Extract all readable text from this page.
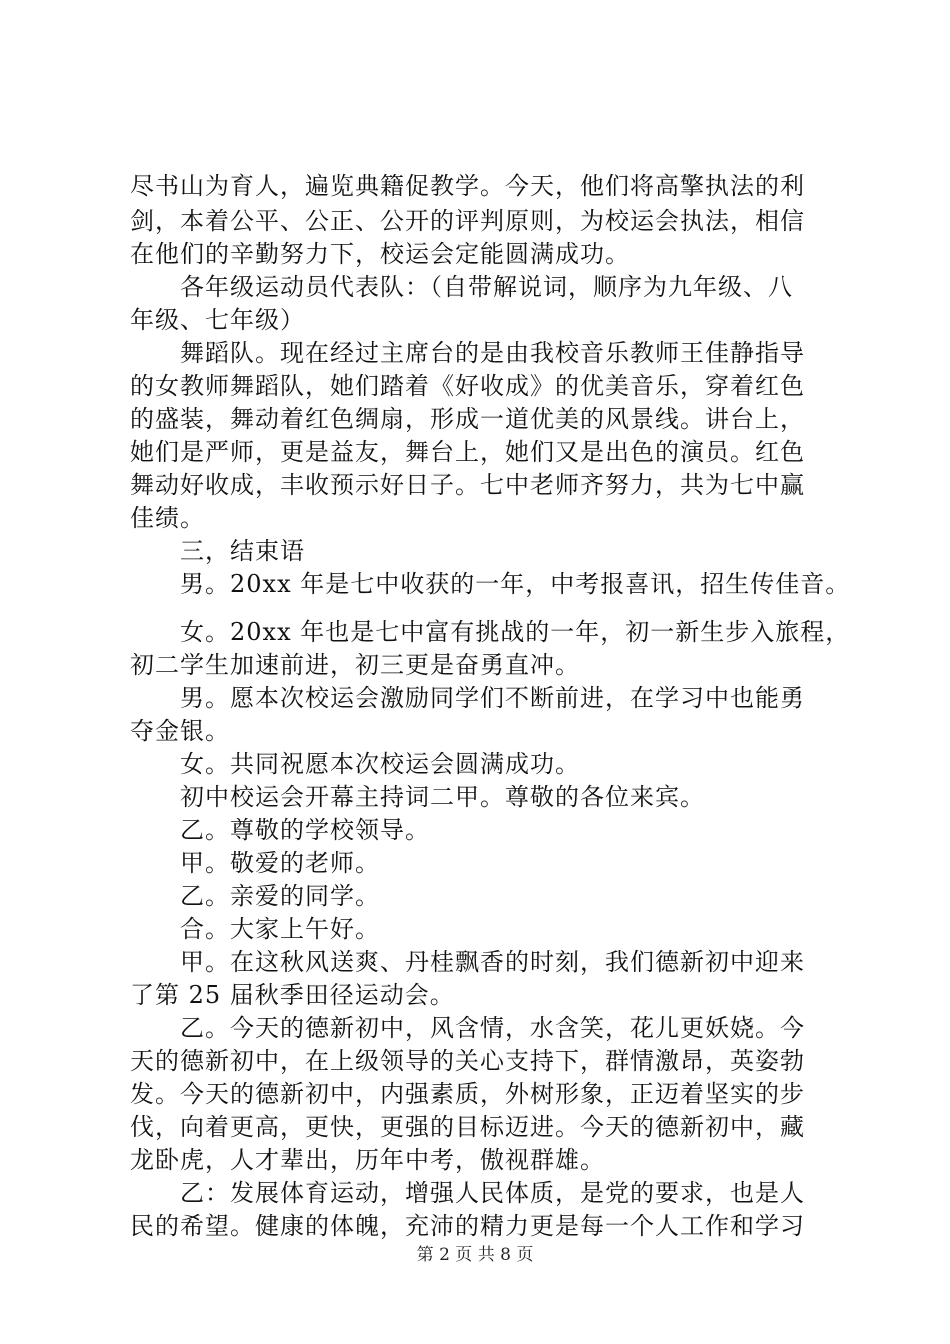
尽书山为育人，遍览典籍促教学。今天，他们将高擎执法的利
剑，本着公平、公正、公开的评判原则，为校运会执法，相信
在他们的辛勤努力下，校运会定能圆满成功。
各年级运动员代表队：（自带解说词，顺序为九年级、八
年级、七年级）
舞蹈队。现在经过主席台的是由我校音乐教师王佳静指导
的女教师舞蹈队，她们踏着《好收成》的优美音乐，穿着红色
的盛装，舞动着红色绸扇，形成一道优美的风景线。讲台上，
她们是严师，更是益友，舞台上，她们又是出色的演员。红色
舞动好收成，丰收预示好日子。七中老师齐努力，共为七中赢
佳绩。
三，结束语
男。20xx 年是七中收获的一年，中考报喜讯，招生传佳音。
女。20xx 年也是七中富有挑战的一年，初一新生步入旅程，
初二学生加速前进，初三更是奋勇直冲。
男。愿本次校运会激励同学们不断前进，在学习中也能勇
夺金银。
女。共同祝愿本次校运会圆满成功。
初中校运会开幕主持词二甲。尊敬的各位来宾。
乙。尊敬的学校领导。
甲。敬爱的老师。
乙。亲爱的同学。
合。大家上午好。
甲。在这秋风送爽、丹桂飘香的时刻，我们德新初中迎来
了第 25 届秋季田径运动会。
乙。今天的德新初中，风含情，水含笑，花儿更妖娆。今
天的德新初中，在上级领导的关心支持下，群情激昂，英姿勃
发。今天的德新初中，内强素质，外树形象，正迈着坚实的步
伐，向着更高，更快，更强的目标迈进。今天的德新初中，藏
龙卧虎，人才辈出，历年中考，傲视群雄。
乙：发展体育运动，增强人民体质，是党的要求，也是人
民的希望。健康的体魄，充沛的精力更是每一个人工作和学习
第 2 页 共 8 页
